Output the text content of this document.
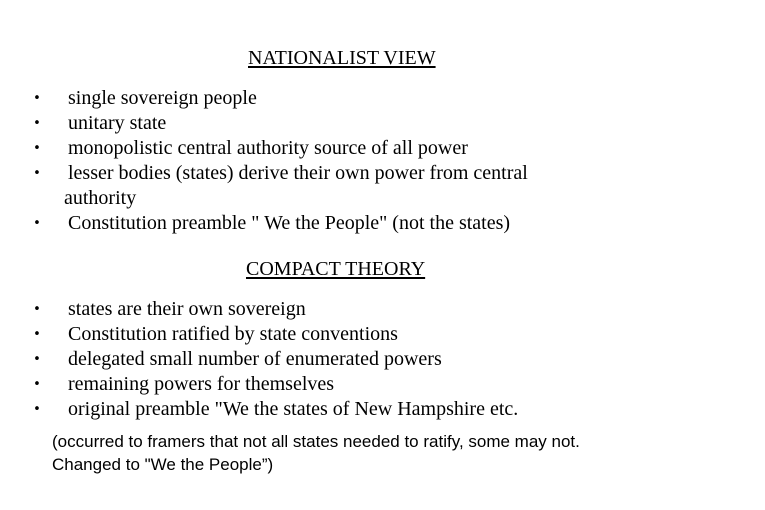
NATIONALIST VIEW
• single sovereign people
• unitary state
• monopolistic central authority source of all power
• lesser bodies (states) derive their own power from central
authority
• Constitution preamble " We the People" (not the states)
COMPACT THEORY
• states are their own sovereign
• Constitution ratified by state conventions
• delegated small number of enumerated powers
• remaining powers for themselves
• original preamble "We the states of New Hampshire etc.
(occurred to framers that not all states needed to ratify, some may not.
Changed to "We the People”)
